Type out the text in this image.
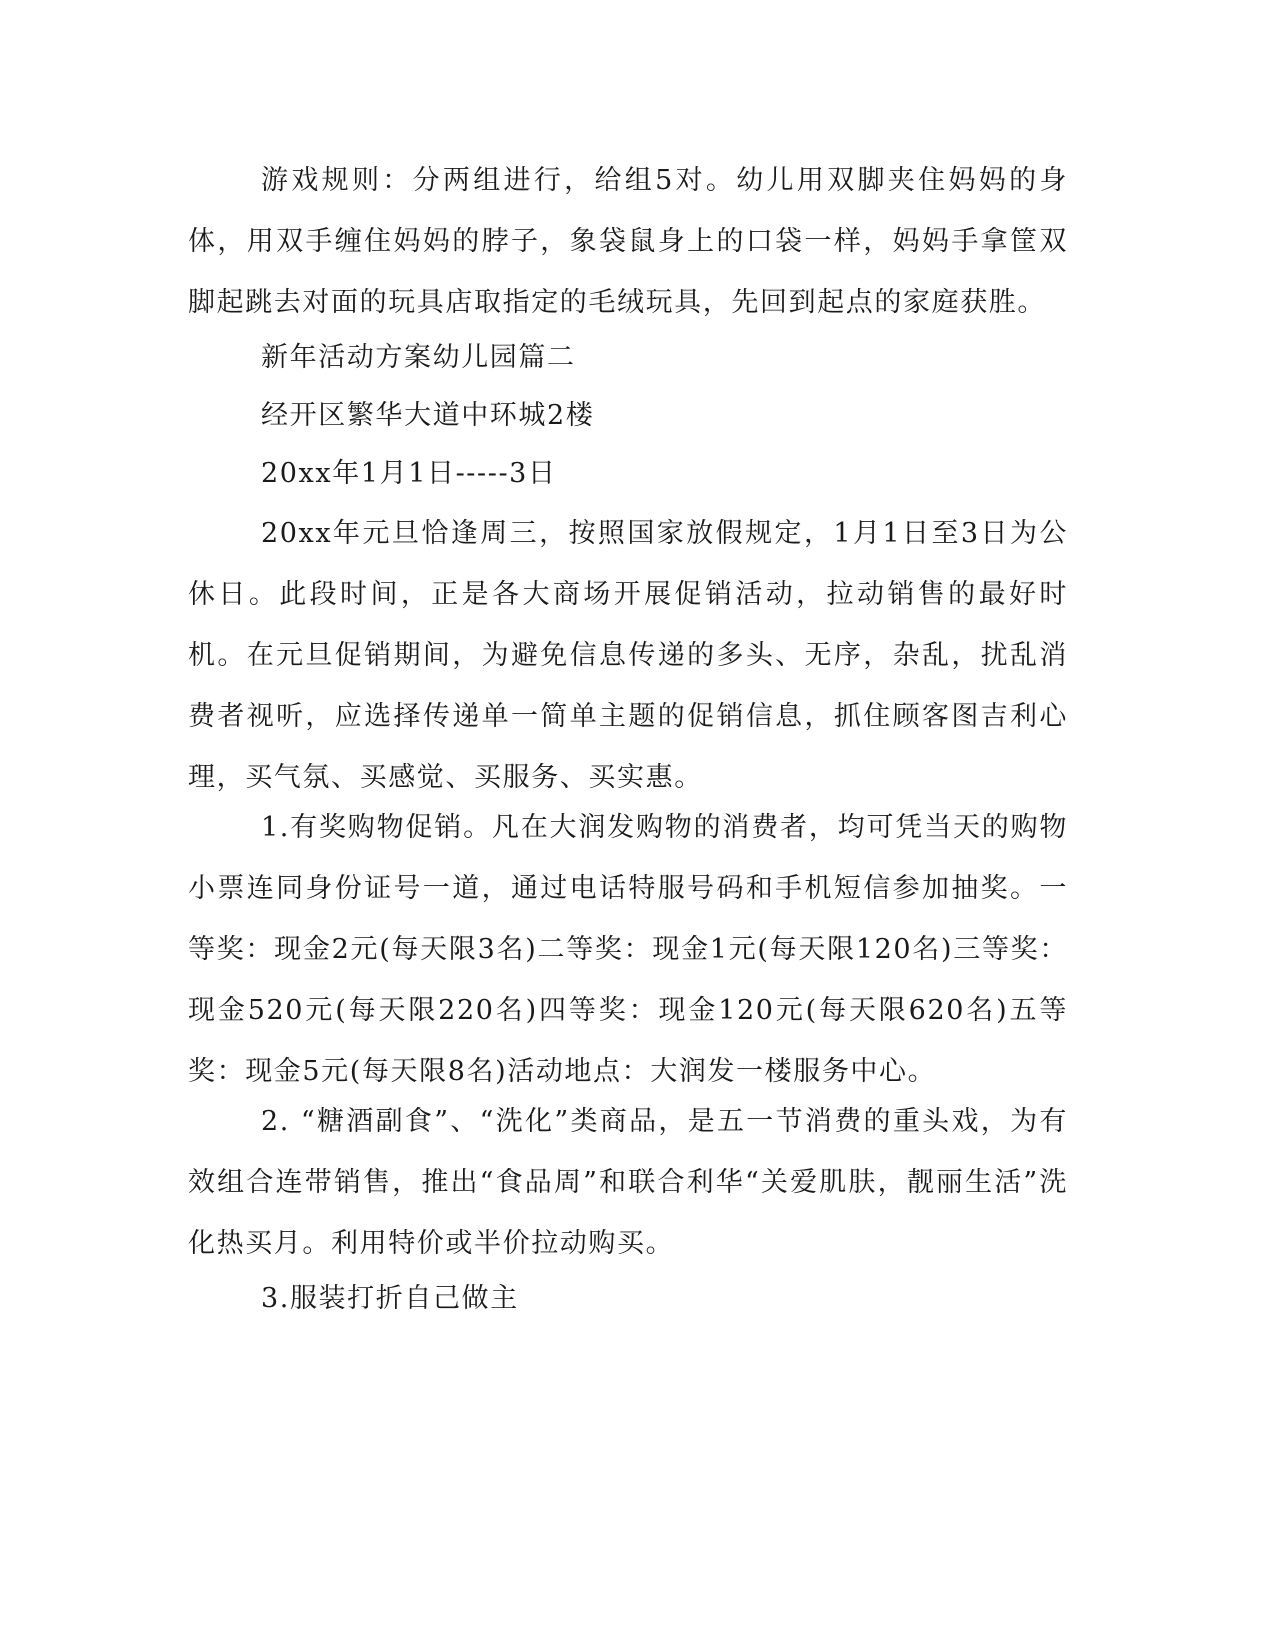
游戏规则：分两组进行，给组5对。幼儿用双脚夹住妈妈的身体，用双手缠住妈妈的脖子，象袋鼠身上的口袋一样，妈妈手拿筐双脚起跳去对面的玩具店取指定的毛绒玩具，先回到起点的家庭获胜。

新年活动方案幼儿园篇二

经开区繁华大道中环城2楼

20xx年1月1日-----3日

20xx年元旦恰逢周三，按照国家放假规定，1月1日至3日为公休日。此段时间，正是各大商场开展促销活动，拉动销售的最好时机。在元旦促销期间，为避免信息传递的多头、无序，杂乱，扰乱消费者视听，应选择传递单一简单主题的促销信息，抓住顾客图吉利心理，买气氛、买感觉、买服务、买实惠。

1.有奖购物促销。凡在大润发购物的消费者，均可凭当天的购物小票连同身份证号一道，通过电话特服号码和手机短信参加抽奖。一等奖：现金2元(每天限3名)二等奖：现金1元(每天限120名)三等奖：现金520元(每天限220名)四等奖：现金120元(每天限620名)五等奖：现金5元(每天限8名)活动地点：大润发一楼服务中心。

2. “糖酒副食”、“洗化”类商品，是五一节消费的重头戏，为有效组合连带销售，推出“食品周”和联合利华“关爱肌肤，靓丽生活”洗化热买月。利用特价或半价拉动购买。

3.服装打折自己做主
